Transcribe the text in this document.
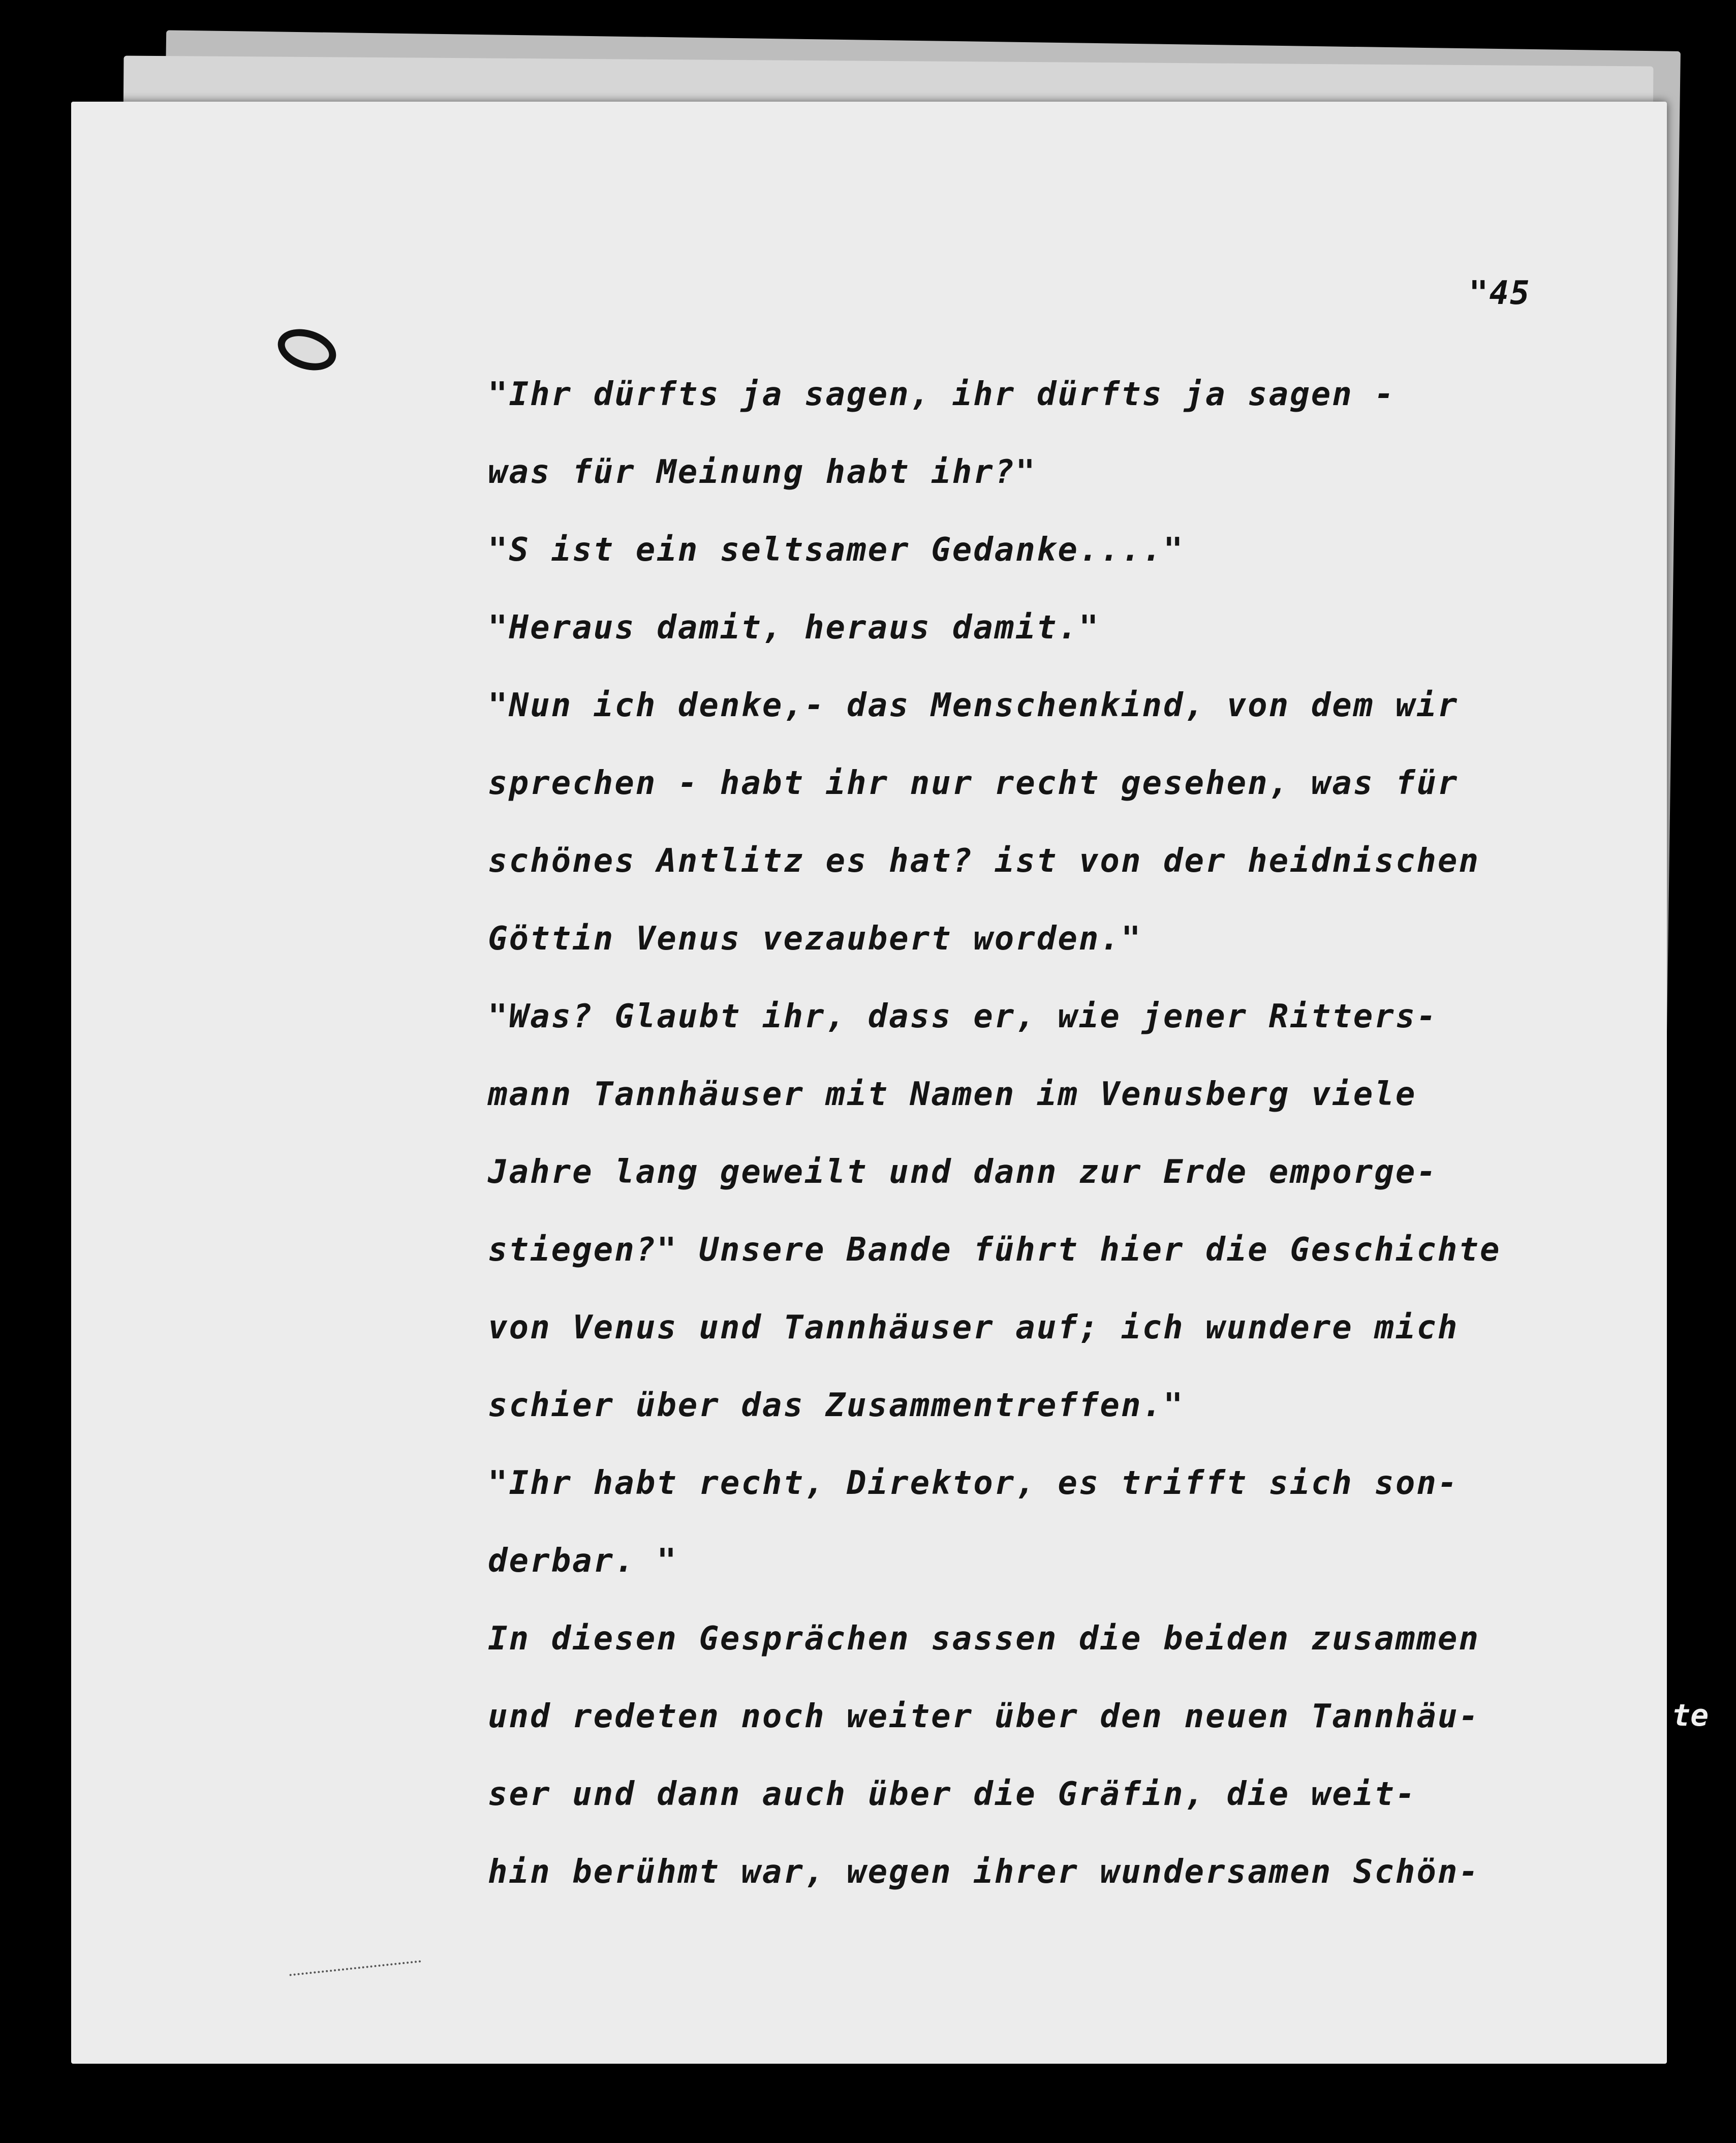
te
"45
"Ihr dürfts ja sagen, ihr dürfts ja sagen -
was für Meinung habt ihr?"
"S ist ein seltsamer Gedanke...."
"Heraus damit, heraus damit."
"Nun ich denke,- das Menschenkind, von dem wir
sprechen - habt ihr nur recht gesehen, was für
schönes Antlitz es hat? ist von der heidnischen
Göttin Venus vezaubert worden."
"Was? Glaubt ihr, dass er, wie jener Ritters-
mann Tannhäuser mit Namen im Venusberg viele
Jahre lang geweilt und dann zur Erde emporge-
stiegen?" Unsere Bande führt hier die Geschichte
von Venus und Tannhäuser auf; ich wundere mich
schier über das Zusammentreffen."
"Ihr habt recht, Direktor, es trifft sich son-
derbar. "
In diesen Gesprächen sassen die beiden zusammen
und redeten noch weiter über den neuen Tannhäu-
ser und dann auch über die Gräfin, die weit-
hin berühmt war, wegen ihrer wundersamen Schön-
